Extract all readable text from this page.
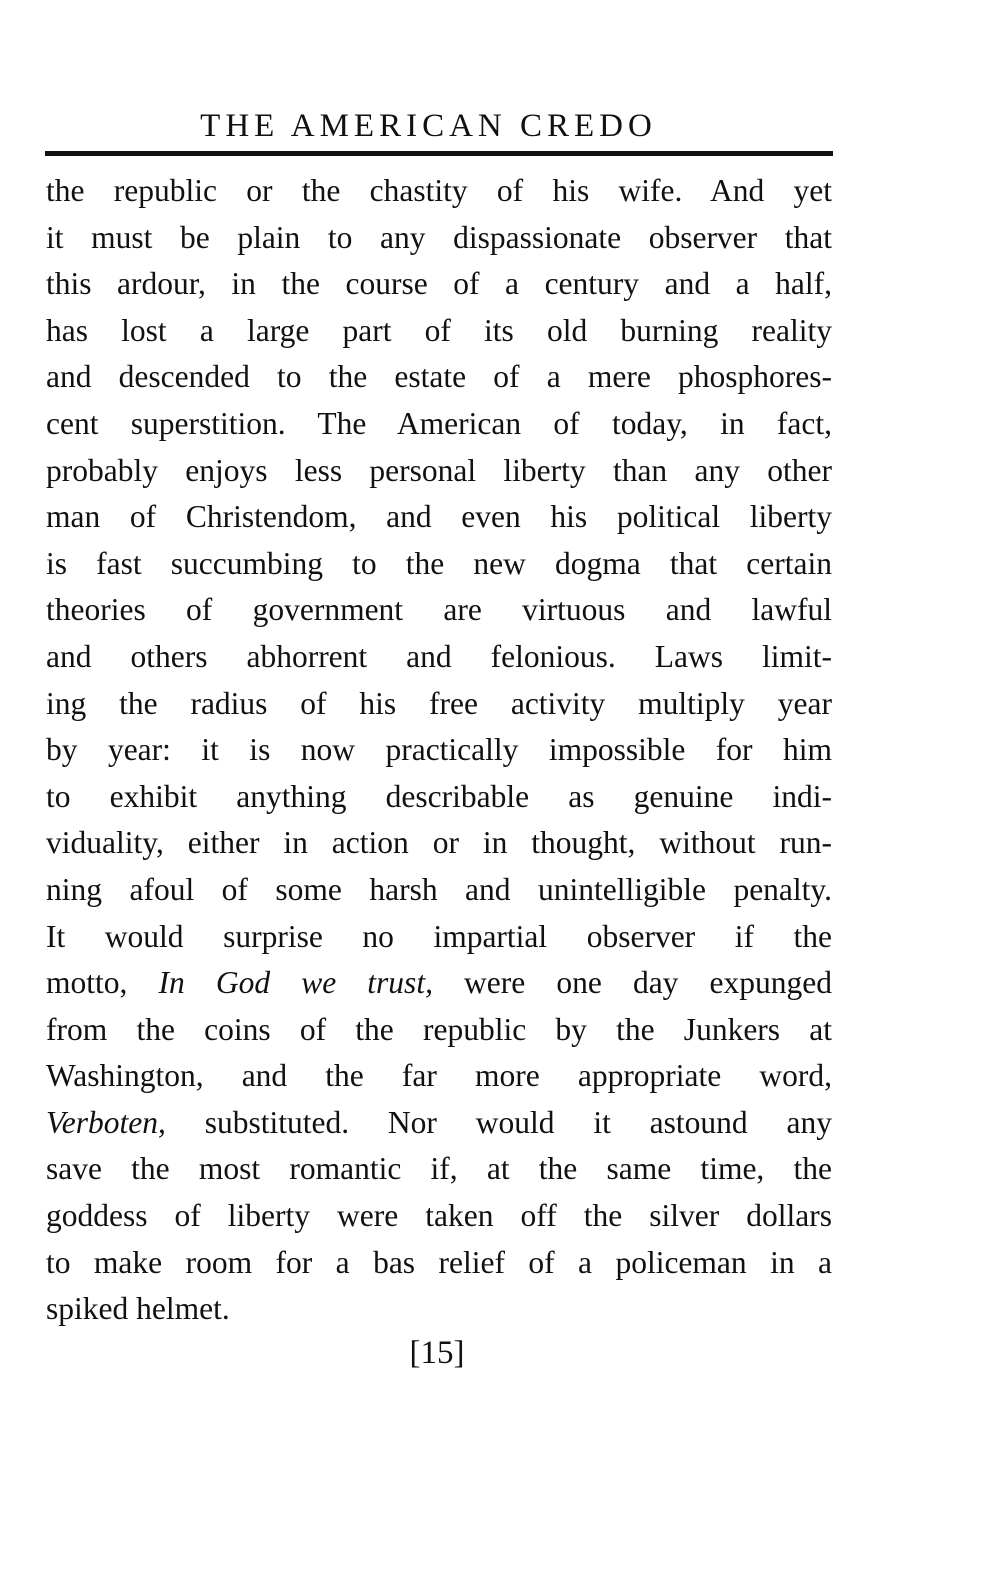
THE AMERICAN CREDO
the republic or the chastity of his wife. And yet
it must be plain to any dispassionate observer that
this ardour, in the course of a century and a half,
has lost a large part of its old burning reality
and descended to the estate of a mere phosphores-
cent superstition. The American of today, in fact,
probably enjoys less personal liberty than any other
man of Christendom, and even his political liberty
is fast succumbing to the new dogma that certain
theories of government are virtuous and lawful
and others abhorrent and felonious. Laws limit-
ing the radius of his free activity multiply year
by year: it is now practically impossible for him
to exhibit anything describable as genuine indi-
viduality, either in action or in thought, without run-
ning afoul of some harsh and unintelligible penalty.
It would surprise no impartial observer if the
motto, In God we trust, were one day expunged
from the coins of the republic by the Junkers at
Washington, and the far more appropriate word,
Verboten, substituted. Nor would it astound any
save the most romantic if, at the same time, the
goddess of liberty were taken off the silver dollars
to make room for a bas relief of a policeman in a
spiked helmet.
[15]
